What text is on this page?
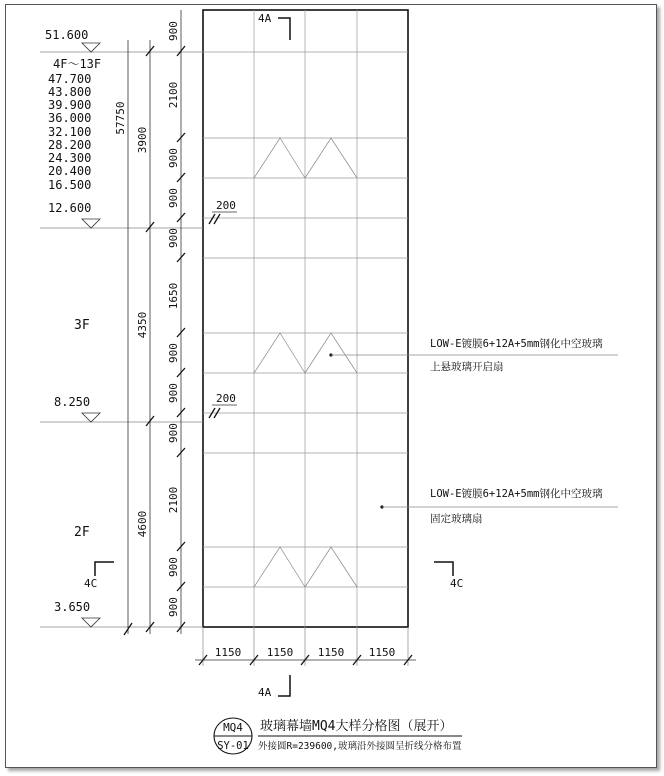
51.600
4F～13F
47.700
43.800
39.900
36.000
32.100
28.200
24.300
20.400
16.500
12.600
8.250
3.650
3F
2F
57750
3900
4350
4600
900
2100
900
900
900
1650
900
900
900
2100
900
900
200
200
1150 1150 1150 1150
4A
4A
4C	4C
LOW-E镀膜6+12A+5mm钢化中空玻璃
上悬玻璃开启扇
LOW-E镀膜6+12A+5mm钢化中空玻璃
固定玻璃扇
MQ4
SY-01
玻璃幕墙MQ4大样分格图（展开）
外接圆R=239600,玻璃沿外接圆呈折线分格布置
